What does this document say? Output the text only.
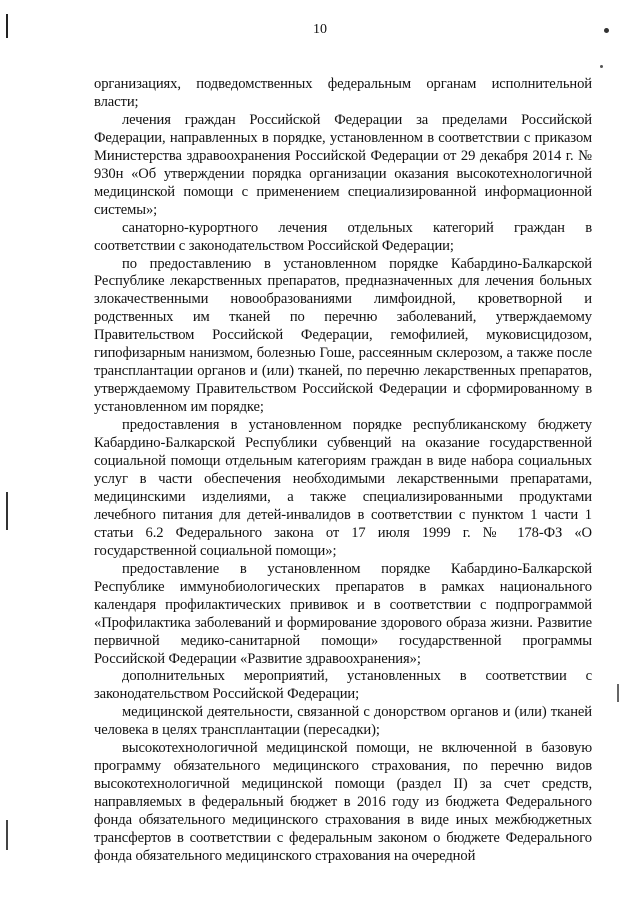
10

организациях, подведомственных федеральным органам исполнительной власти;

лечения граждан Российской Федерации за пределами Российской Федерации, направленных в порядке, установленном в соответствии с приказом Министерства здравоохранения Российской Федерации от 29 декабря 2014 г. № 930н «Об утверждении порядка организации оказания высокотехнологичной медицинской помощи с применением специализированной информационной системы»;

санаторно-курортного лечения отдельных категорий граждан в соответствии с законодательством Российской Федерации;

по предоставлению в установленном порядке Кабардино-Балкарской Республике лекарственных препаратов, предназначенных для лечения больных злокачественными новообразованиями лимфоидной, кроветворной и родственных им тканей по перечню заболеваний, утверждаемому Правительством Российской Федерации, гемофилией, муковисцидозом, гипофизарным нанизмом, болезнью Гоше, рассеянным склерозом, а также после трансплантации органов и (или) тканей, по перечню лекарственных препаратов, утверждаемому Правительством Российской Федерации и сформированному в установленном им порядке;

предоставления в установленном порядке республиканскому бюджету Кабардино-Балкарской Республики субвенций на оказание государственной социальной помощи отдельным категориям граждан в виде набора социальных услуг в части обеспечения необходимыми лекарственными препаратами, медицинскими изделиями, а также специализированными продуктами лечебного питания для детей-инвалидов в соответствии с пунктом 1 части 1 статьи 6.2 Федерального закона от 17 июля 1999 г. № 178-ФЗ «О государственной социальной помощи»;

предоставление в установленном порядке Кабардино-Балкарской Республике иммунобиологических препаратов в рамках национального календаря профилактических прививок и в соответствии с подпрограммой «Профилактика заболеваний и формирование здорового образа жизни. Развитие первичной медико-санитарной помощи» государственной программы Российской Федерации «Развитие здравоохранения»;

дополнительных мероприятий, установленных в соответствии с законодательством Российской Федерации;

медицинской деятельности, связанной с донорством органов и (или) тканей человека в целях трансплантации (пересадки);

высокотехнологичной медицинской помощи, не включенной в базовую программу обязательного медицинского страхования, по перечню видов высокотехнологичной медицинской помощи (раздел II) за счет средств, направляемых в федеральный бюджет в 2016 году из бюджета Федерального фонда обязательного медицинского страхования в виде иных межбюджетных трансфертов в соответствии с федеральным законом о бюджете Федерального фонда обязательного медицинского страхования на очередной
